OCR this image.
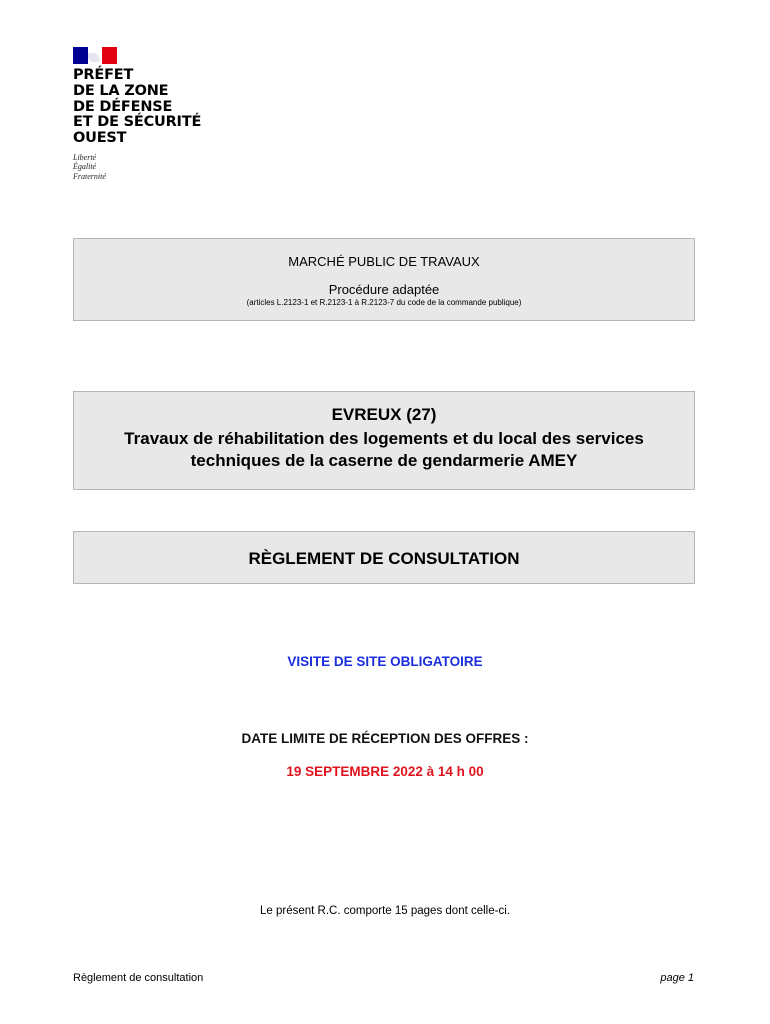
PRÉFET
DE LA ZONE
DE DÉFENSE
ET DE SÉCURITÉ
OUEST
Liberté
Égalité
Fraternité
MARCHÉ PUBLIC DE TRAVAUX
Procédure adaptée
(articles L.2123-1 et R.2123-1 à R.2123-7 du code de la commande publique)
EVREUX (27)
Travaux de réhabilitation des logements et du local des services
techniques de la caserne de gendarmerie AMEY
RÈGLEMENT DE CONSULTATION
VISITE DE SITE OBLIGATOIRE
DATE LIMITE DE RÉCEPTION DES OFFRES :
19 SEPTEMBRE 2022 à 14 h 00
Le présent R.C. comporte 15 pages dont celle-ci.
Règlement de consultation	page 1
